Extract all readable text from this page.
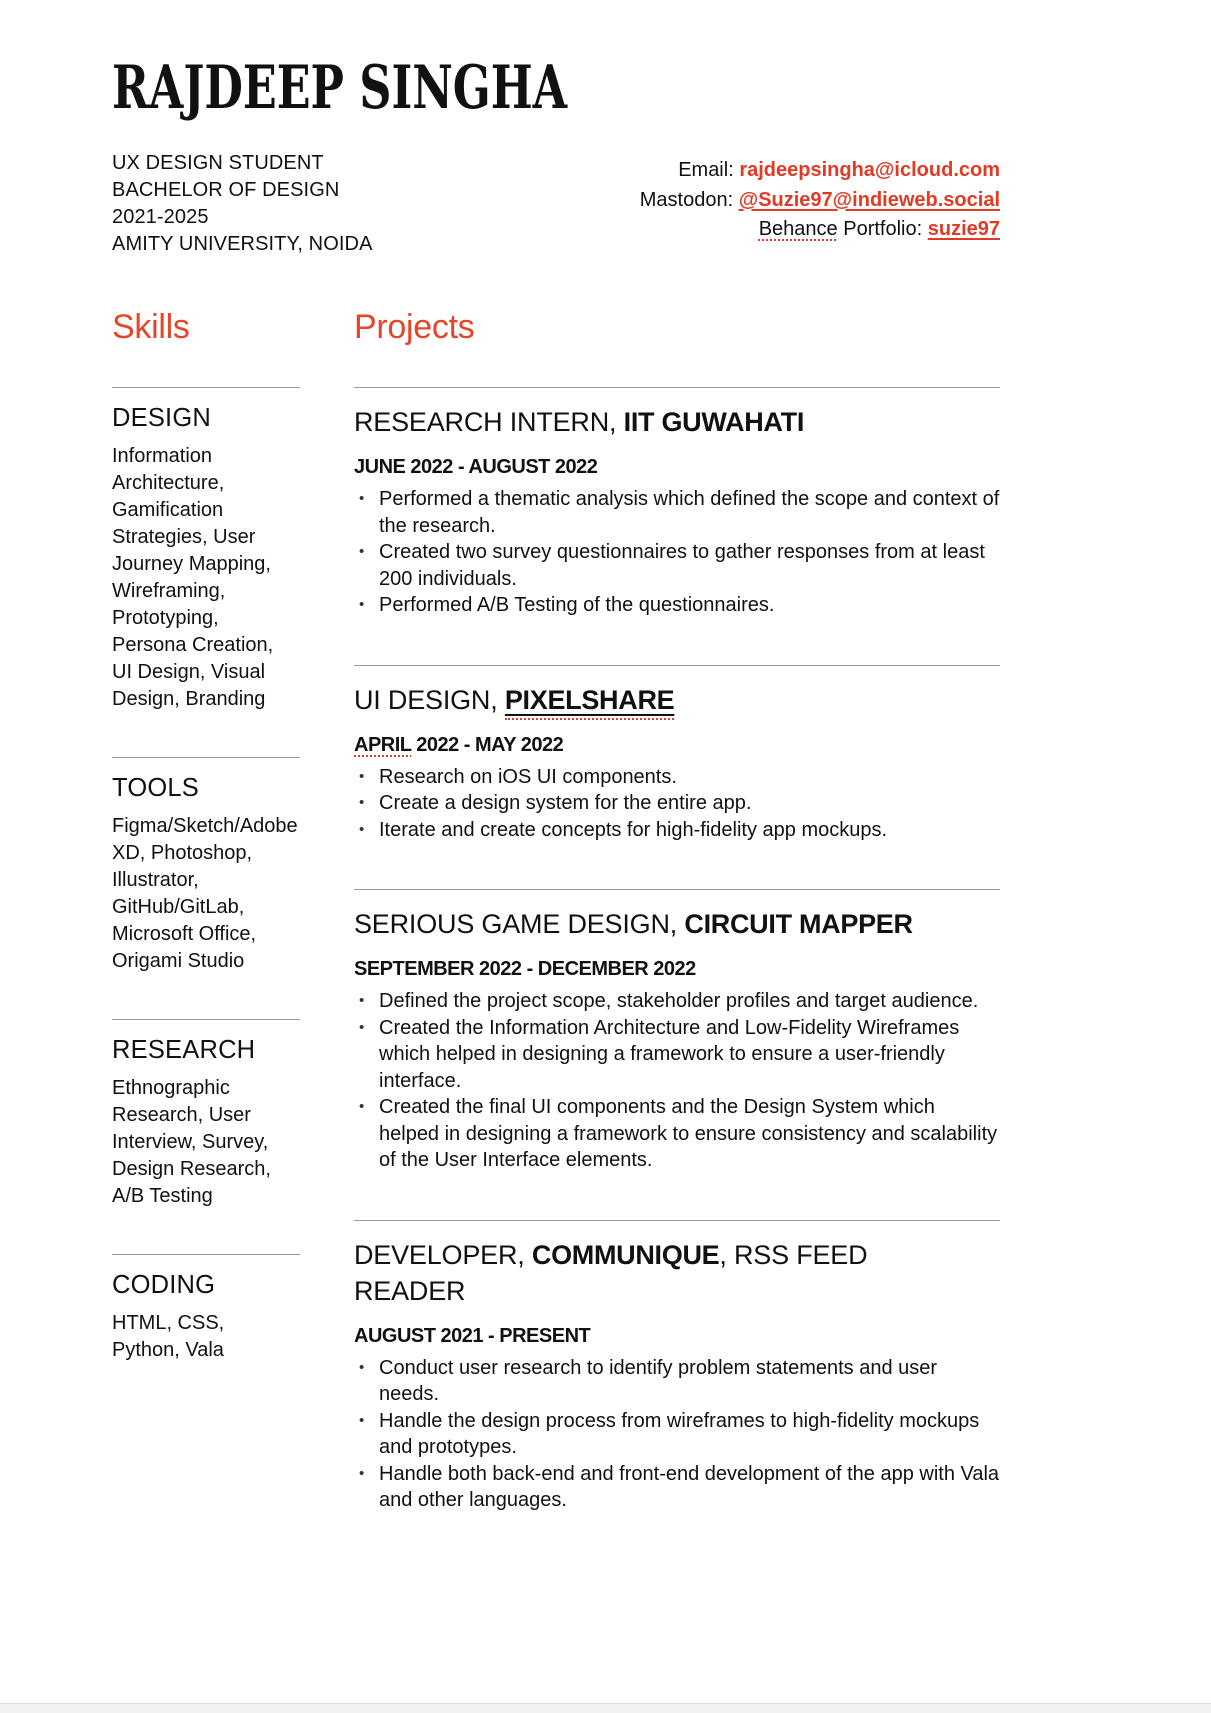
RAJDEEP SINGHA
UX DESIGN STUDENT
BACHELOR OF DESIGN
2021-2025
AMITY UNIVERSITY, NOIDA
Email: rajdeepsingha@icloud.com
Mastodon: @Suzie97@indieweb.social
Behance Portfolio: suzie97
Skills
DESIGN
Information Architecture, Gamification Strategies, User Journey Mapping, Wireframing, Prototyping, Persona Creation, UI Design, Visual Design, Branding
TOOLS
Figma/Sketch/Adobe XD, Photoshop, Illustrator, GitHub/GitLab, Microsoft Office, Origami Studio
RESEARCH
Ethnographic Research, User Interview, Survey, Design Research, A/B Testing
CODING
HTML, CSS, Python, Vala
Projects
RESEARCH INTERN, IIT GUWAHATI
JUNE 2022 - AUGUST 2022
• Performed a thematic analysis which defined the scope and context of the research.
• Created two survey questionnaires to gather responses from at least 200 individuals.
• Performed A/B Testing of the questionnaires.
UI DESIGN, PIXELSHARE
APRIL 2022 - MAY 2022
• Research on iOS UI components.
• Create a design system for the entire app.
• Iterate and create concepts for high-fidelity app mockups.
SERIOUS GAME DESIGN, CIRCUIT MAPPER
SEPTEMBER 2022 - DECEMBER 2022
• Defined the project scope, stakeholder profiles and target audience.
• Created the Information Architecture and Low-Fidelity Wireframes which helped in designing a framework to ensure a user-friendly interface.
• Created the final UI components and the Design System which helped in designing a framework to ensure consistency and scalability of the User Interface elements.
DEVELOPER, COMMUNIQUE, RSS FEED READER
AUGUST 2021 - PRESENT
• Conduct user research to identify problem statements and user needs.
• Handle the design process from wireframes to high-fidelity mockups and prototypes.
• Handle both back-end and front-end development of the app with Vala and other languages.
